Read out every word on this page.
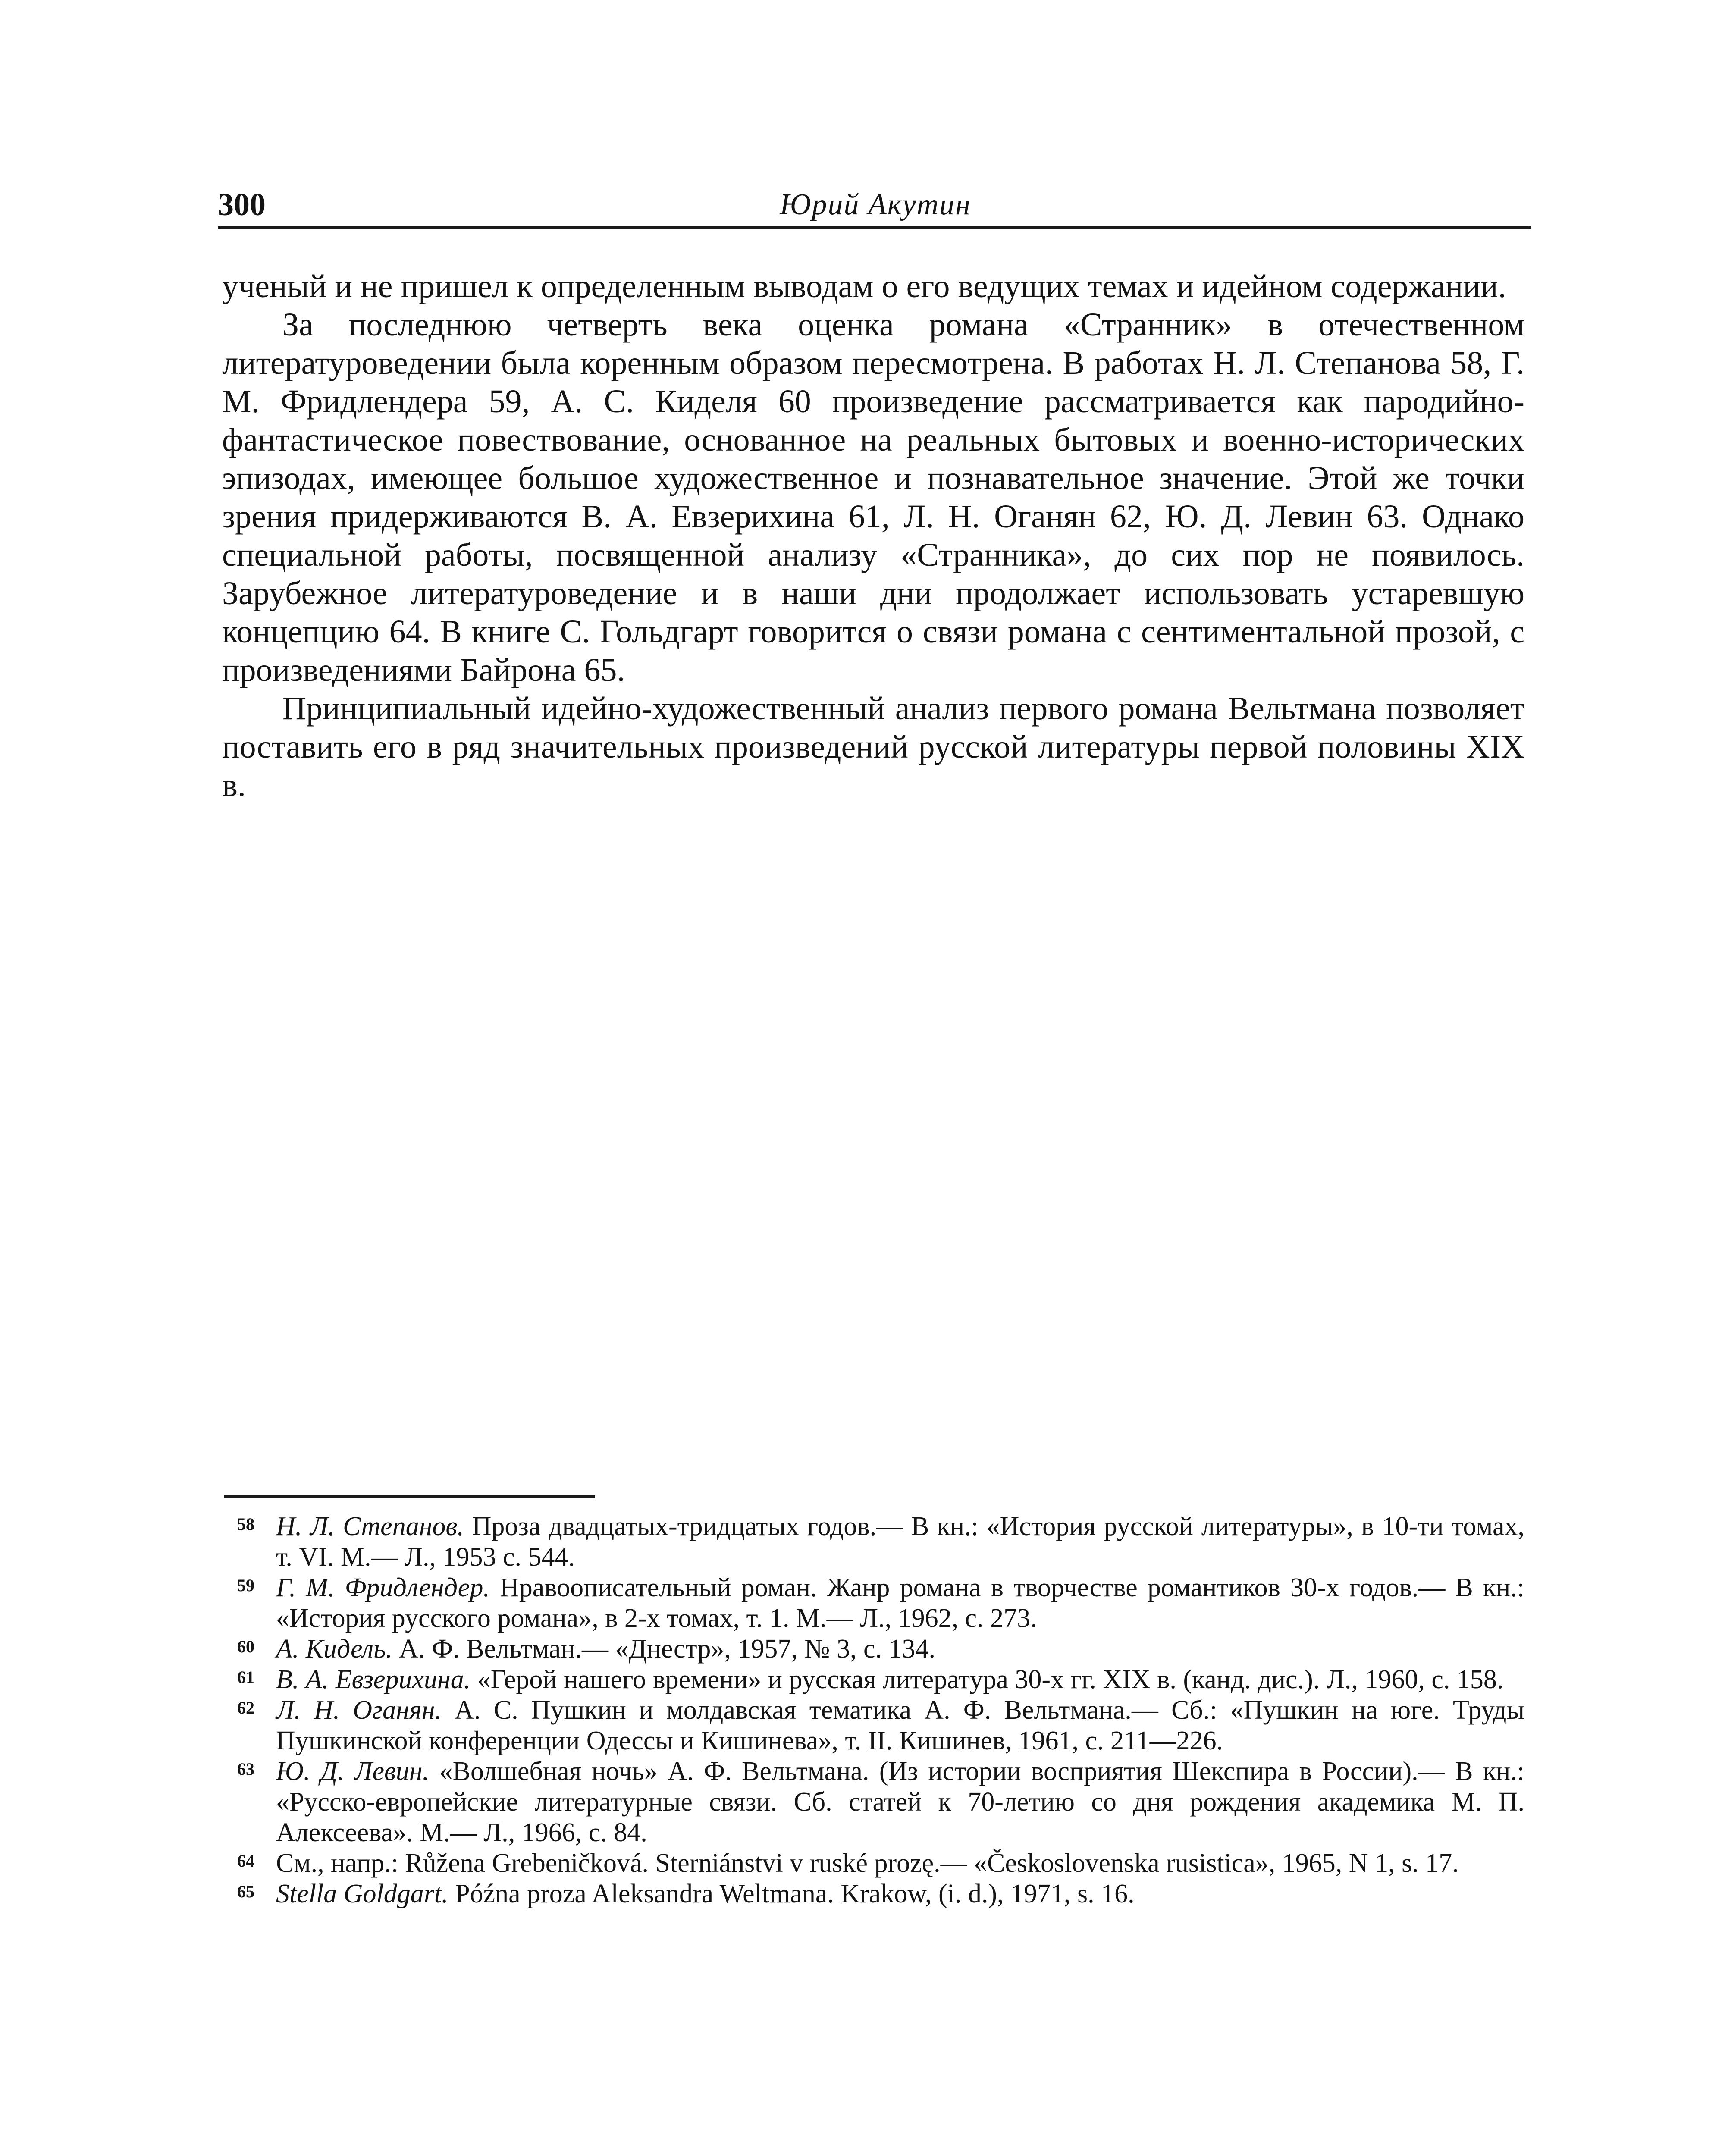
300	Юрий Акутин

ученый и не пришел к определенным выводам о его ведущих темах и идейном содержании.

За последнюю четверть века оценка романа «Странник» в отечественном литературоведении была коренным образом пересмотрена. В работах Н. Л. Степанова 58, Г. М. Фридлендера 59, А. С. Киделя 60 произведение рассматривается как пародийно-фантастическое повествование, основанное на реальных бытовых и военно-исторических эпизодах, имеющее большое художественное и познавательное значение. Этой же точки зрения придерживаются В. А. Евзерихина 61, Л. Н. Оганян 62, Ю. Д. Левин 63. Однако специальной работы, посвященной анализу «Странника», до сих пор не появилось. Зарубежное литературоведение и в наши дни продолжает использовать устаревшую концепцию 64. В книге С. Гольдгарт говорится о связи романа с сентиментальной прозой, с произведениями Байрона 65.

Принципиальный идейно-художественный анализ первого романа Вельтмана позволяет поставить его в ряд значительных произведений русской литературы первой половины XIX в.

58 Н. Л. Степанов. Проза двадцатых-тридцатых годов.— В кн.: «История русской литературы», в 10-ти томах, т. VI. М.— Л., 1953 с. 544.

59 Г. М. Фридлендер. Нравоописательный роман. Жанр романа в творчестве романтиков 30-х годов.— В кн.: «История русского романа», в 2-х томах, т. 1. М.— Л., 1962, с. 273.

60 А. Кидель. А. Ф. Вельтман.— «Днестр», 1957, № 3, с. 134.

61 В. А. Евзерихина. «Герой нашего времени» и русская литература 30-х гг. XIX в. (канд. дис.). Л., 1960, с. 158.

62 Л. Н. Оганян. А. С. Пушкин и молдавская тематика А. Ф. Вельтмана.— Сб.: «Пушкин на юге. Труды Пушкинской конференции Одессы и Кишинева», т. II. Кишинев, 1961, с. 211—226.

63 Ю. Д. Левин. «Волшебная ночь» А. Ф. Вельтмана. (Из истории восприятия Шекспира в России).— В кн.: «Русско-европейские литературные связи. Сб. статей к 70-летию со дня рождения академика М. П. Алексеева». М.— Л., 1966, с. 84.

64 См., напр.: Růžena Grebeničková. Sterniánstvi v ruské prozę.— «Československa rusistica», 1965, N 1, s. 17.

65 Stella Goldgart. Późna proza Aleksandra Weltmana. Krakow, (i. d.), 1971, s. 16.
